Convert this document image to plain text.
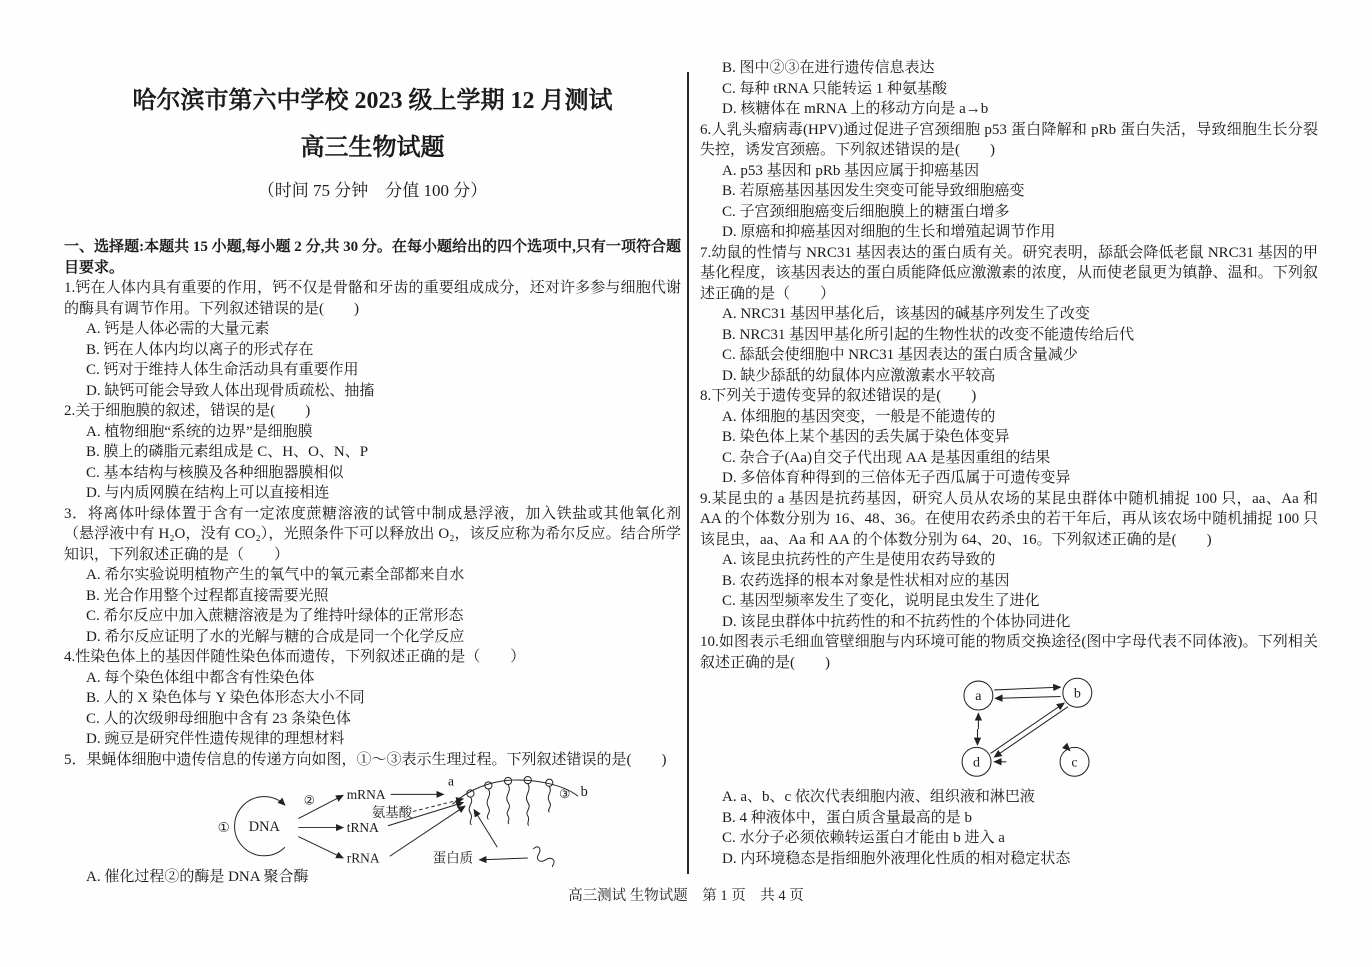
哈尔滨市第六中学校 2023 级上学期 12 月测试
高三生物试题
（时间 75 分钟　分值 100 分）

一、选择题:本题共 15 小题,每小题 2 分,共 30 分。在每小题给出的四个选项中,只有一项符合题目要求。

1.钙在人体内具有重要的作用，钙不仅是骨骼和牙齿的重要组成成分，还对许多参与细胞代谢的酶具有调节作用。下列叙述错误的是(　　)

A. 钙是人体必需的大量元素

B. 钙在人体内均以离子的形式存在

C. 钙对于维持人体生命活动具有重要作用

D. 缺钙可能会导致人体出现骨质疏松、抽搐

2.关于细胞膜的叙述，错误的是(　　)

A. 植物细胞“系统的边界”是细胞膜

B. 膜上的磷脂元素组成是 C、H、O、N、P

C. 基本结构与核膜及各种细胞器膜相似

D. 与内质网膜在结构上可以直接相连

3．将离体叶绿体置于含有一定浓度蔗糖溶液的试管中制成悬浮液，加入铁盐或其他氧化剂（悬浮液中有 H₂O，没有 CO₂），光照条件下可以释放出 O₂，该反应称为希尔反应。结合所学知识，下列叙述正确的是（　　）

A. 希尔实验说明植物产生的氧气中的氧元素全部都来自水

B. 光合作用整个过程都直接需要光照

C. 希尔反应中加入蔗糖溶液是为了维持叶绿体的正常形态

D. 希尔反应证明了水的光解与糖的合成是同一个化学反应

4.性染色体上的基因伴随性染色体而遗传，下列叙述正确的是（　　）

A. 每个染色体组中都含有性染色体

B. 人的 X 染色体与 Y 染色体形态大小不同

C. 人的次级卵母细胞中含有 23 条染色体

D. 豌豆是研究伴性遗传规律的理想材料

5．果蝇体细胞中遗传信息的传递方向如图，①～③表示生理过程。下列叙述错误的是(　　)

① DNA
② mRNA
tRNA
rRNA
a
③ b
氨基酸
蛋白质

A. 催化过程②的酶是 DNA 聚合酶

B. 图中②③在进行遗传信息表达

C. 每种 tRNA 只能转运 1 种氨基酸

D. 核糖体在 mRNA 上的移动方向是 a→b

6.人乳头瘤病毒(HPV)通过促进子宫颈细胞 p53 蛋白降解和 pRb 蛋白失活，导致细胞生长分裂失控，诱发宫颈癌。下列叙述错误的是(　　)

A. p53 基因和 pRb 基因应属于抑癌基因

B. 若原癌基因基因发生突变可能导致细胞癌变

C. 子宫颈细胞癌变后细胞膜上的糖蛋白增多

D. 原癌和抑癌基因对细胞的生长和增殖起调节作用

7.幼鼠的性情与 NRC31 基因表达的蛋白质有关。研究表明，舔舐会降低老鼠 NRC31 基因的甲基化程度，该基因表达的蛋白质能降低应激激素的浓度，从而使老鼠更为镇静、温和。下列叙述正确的是（　　）

A. NRC31 基因甲基化后，该基因的碱基序列发生了改变

B. NRC31 基因甲基化所引起的生物性状的改变不能遗传给后代

C. 舔舐会使细胞中 NRC31 基因表达的蛋白质含量减少

D. 缺少舔舐的幼鼠体内应激激素水平较高

8.下列关于遗传变异的叙述错误的是(　　)

A. 体细胞的基因突变，一般是不能遗传的

B. 染色体上某个基因的丢失属于染色体变异

C. 杂合子(Aa)自交子代出现 AA 是基因重组的结果

D. 多倍体育种得到的三倍体无子西瓜属于可遗传变异

9.某昆虫的 a 基因是抗药基因，研究人员从农场的某昆虫群体中随机捕捉 100 只，aa、Aa 和 AA 的个体数分别为 16、48、36。在使用农药杀虫的若干年后，再从该农场中随机捕捉 100 只该昆虫，aa、Aa 和 AA 的个体数分别为 64、20、16。下列叙述正确的是(　　)

A. 该昆虫抗药性的产生是使用农药导致的

B. 农药选择的根本对象是性状相对应的基因

C. 基因型频率发生了变化，说明昆虫发生了进化

D. 该昆虫群体中抗药性的和不抗药性的个体协同进化

10.如图表示毛细血管壁细胞与内环境可能的物质交换途径(图中字母代表不同体液)。下列相关叙述正确的是(　　)

a	b
d	c

A. a、b、c 依次代表细胞内液、组织液和淋巴液

B. 4 种液体中，蛋白质含量最高的是 b

C. 水分子必须依赖转运蛋白才能由 b 进入 a

D. 内环境稳态是指细胞外液理化性质的相对稳定状态

高三测试 生物试题　第 1 页　共 4 页
